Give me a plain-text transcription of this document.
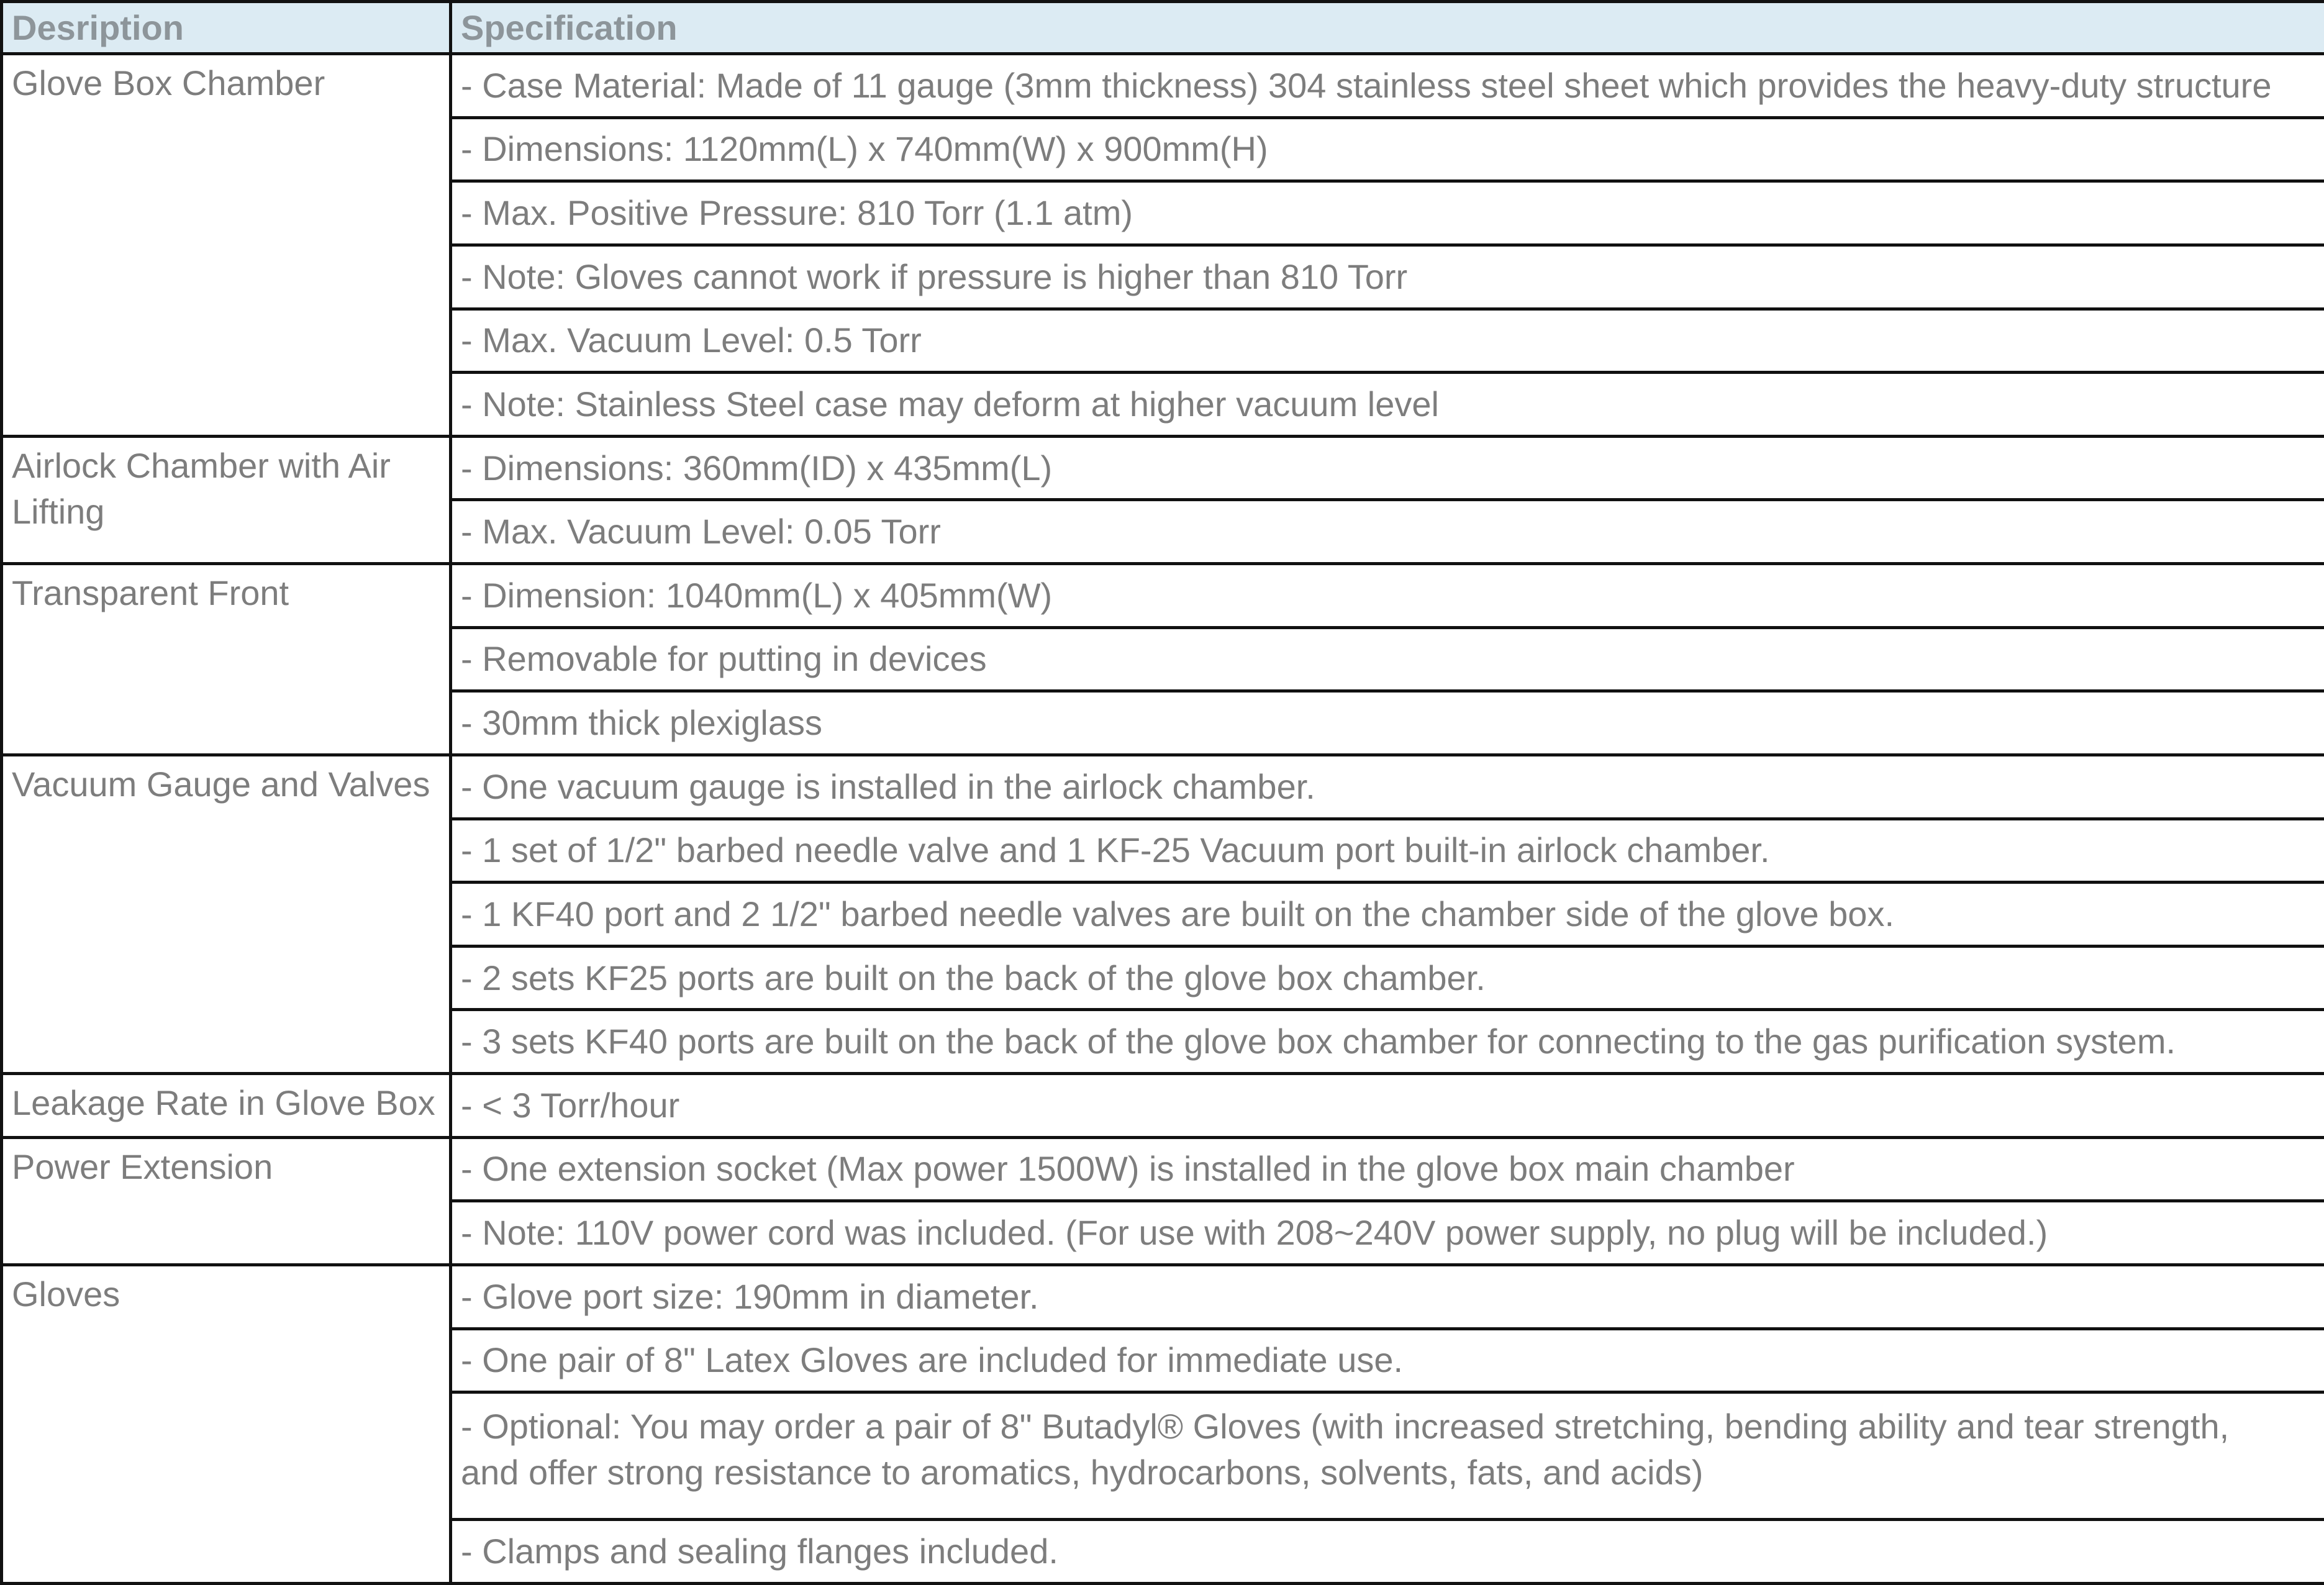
Desription	Specification
Glove Box Chamber	- Case Material: Made of 11 gauge (3mm thickness) 304 stainless steel sheet which provides the heavy-duty structure
	- Dimensions: 1120mm(L) x 740mm(W) x 900mm(H)
	- Max. Positive Pressure: 810 Torr (1.1 atm)
	- Note: Gloves cannot work if pressure is higher than 810 Torr
	- Max. Vacuum Level: 0.5 Torr
	- Note: Stainless Steel case may deform at higher vacuum level
Airlock Chamber with Air Lifting	- Dimensions: 360mm(ID) x 435mm(L)
	- Max. Vacuum Level: 0.05 Torr
Transparent Front	- Dimension: 1040mm(L) x 405mm(W)
	- Removable for putting in devices
	- 30mm thick plexiglass
Vacuum Gauge and Valves	- One vacuum gauge is installed in the airlock chamber.
	- 1 set of 1/2" barbed needle valve and 1 KF-25 Vacuum port built-in airlock chamber.
	- 1 KF40 port and 2 1/2" barbed needle valves are built on the chamber side of the glove box.
	- 2 sets KF25 ports are built on the back of the glove box chamber.
	- 3 sets KF40 ports are built on the back of the glove box chamber for connecting to the gas purification system.
Leakage Rate in Glove Box	- < 3 Torr/hour
Power Extension	- One extension socket (Max power 1500W) is installed in the glove box main chamber
	- Note: 110V power cord was included. (For use with 208~240V power supply, no plug will be included.)
Gloves	- Glove port size: 190mm in diameter.
	- One pair of 8" Latex Gloves are included for immediate use.
	- Optional: You may order a pair of 8" Butadyl® Gloves (with increased stretching, bending ability and tear strength, and offer strong resistance to aromatics, hydrocarbons, solvents, fats, and acids)
	- Clamps and sealing flanges included.
